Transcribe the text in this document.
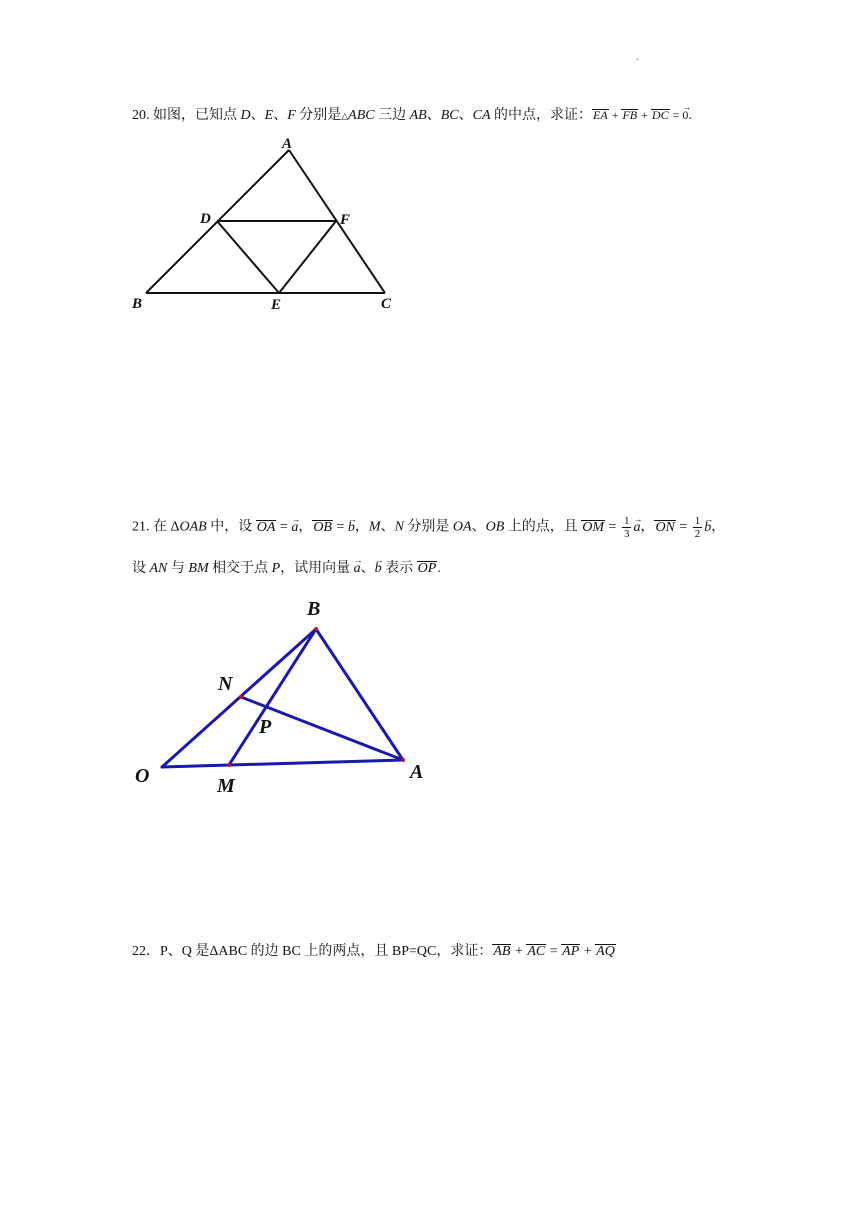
.
20. 如图，已知点 D、E、F 分别是△ABC 三边 AB、BC、CA 的中点，求证：EA + FB + DC = → 0.
A
B	C
D
E
F
21. 在 ΔOAB 中，设 OA = → a，OB = → b，M、N 分别是 OA、OB 上的点，且 OM = $\frac{1}{3}$
→ a，ON = $\frac{1}{2}$
→ b，
设 AN 与 BM 相交于点 P，试用向量 → a、→ b 表示 OP.
B
N
P
O	M
A
22．P、Q 是ΔABC 的边 BC 上的两点，且 BP=QC，求证：AB + AC = AP + AQ
